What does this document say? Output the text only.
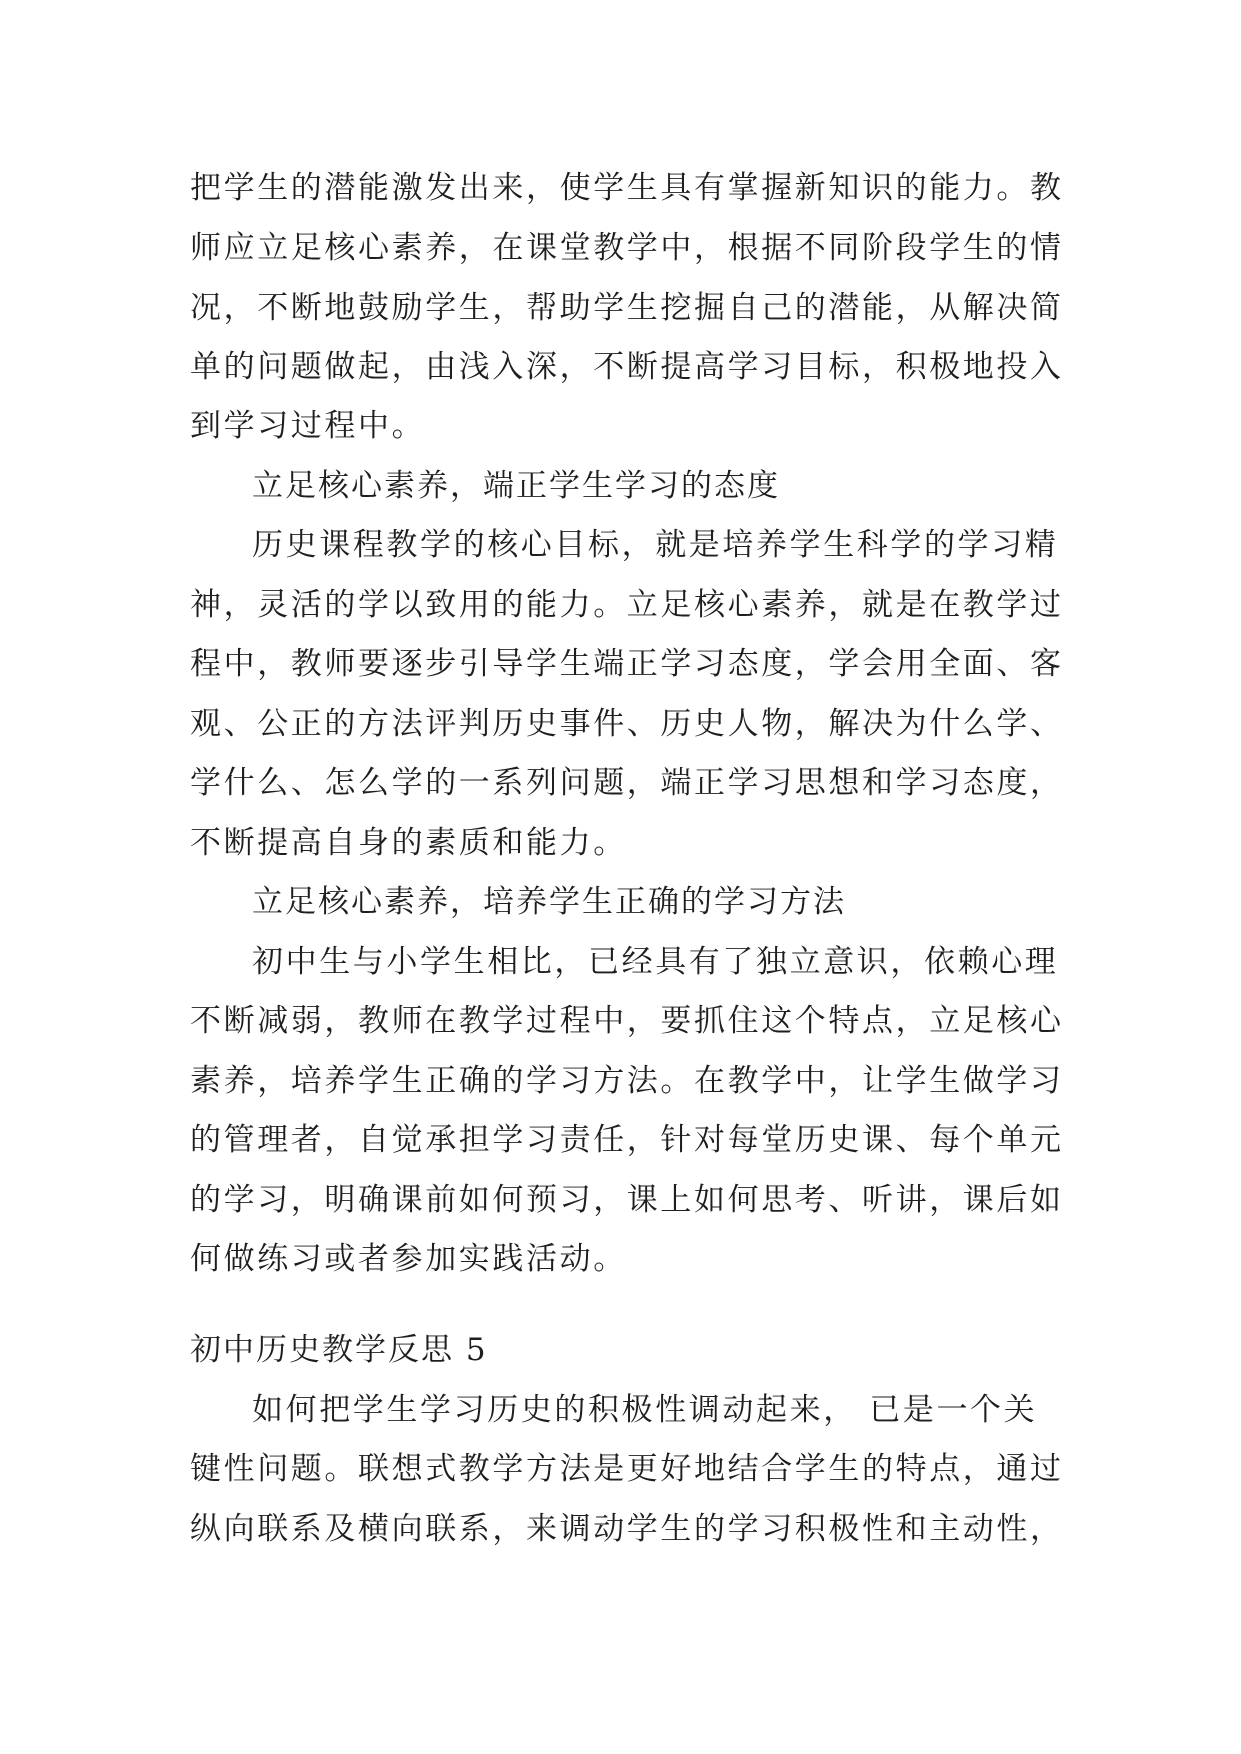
把学生的潜能激发出来，使学生具有掌握新知识的能力。教

师应立足核心素养，在课堂教学中，根据不同阶段学生的情

况，不断地鼓励学生，帮助学生挖掘自己的潜能，从解决简

单的问题做起，由浅入深，不断提高学习目标，积极地投入

到学习过程中。

立足核心素养，端正学生学习的态度

历史课程教学的核心目标，就是培养学生科学的学习精

神，灵活的学以致用的能力。立足核心素养，就是在教学过

程中，教师要逐步引导学生端正学习态度，学会用全面、客

观、公正的方法评判历史事件、历史人物，解决为什么学、

学什么、怎么学的一系列问题，端正学习思想和学习态度，

不断提高自身的素质和能力。

立足核心素养，培养学生正确的学习方法

初中生与小学生相比，已经具有了独立意识，依赖心理

不断减弱，教师在教学过程中，要抓住这个特点，立足核心

素养，培养学生正确的学习方法。在教学中，让学生做学习

的管理者，自觉承担学习责任，针对每堂历史课、每个单元

的学习，明确课前如何预习，课上如何思考、听讲，课后如

何做练习或者参加实践活动。

初中历史教学反思 5

如何把学生学习历史的积极性调动起来， 已是一个关

键性问题。联想式教学方法是更好地结合学生的特点，通过

纵向联系及横向联系，来调动学生的学习积极性和主动性，
